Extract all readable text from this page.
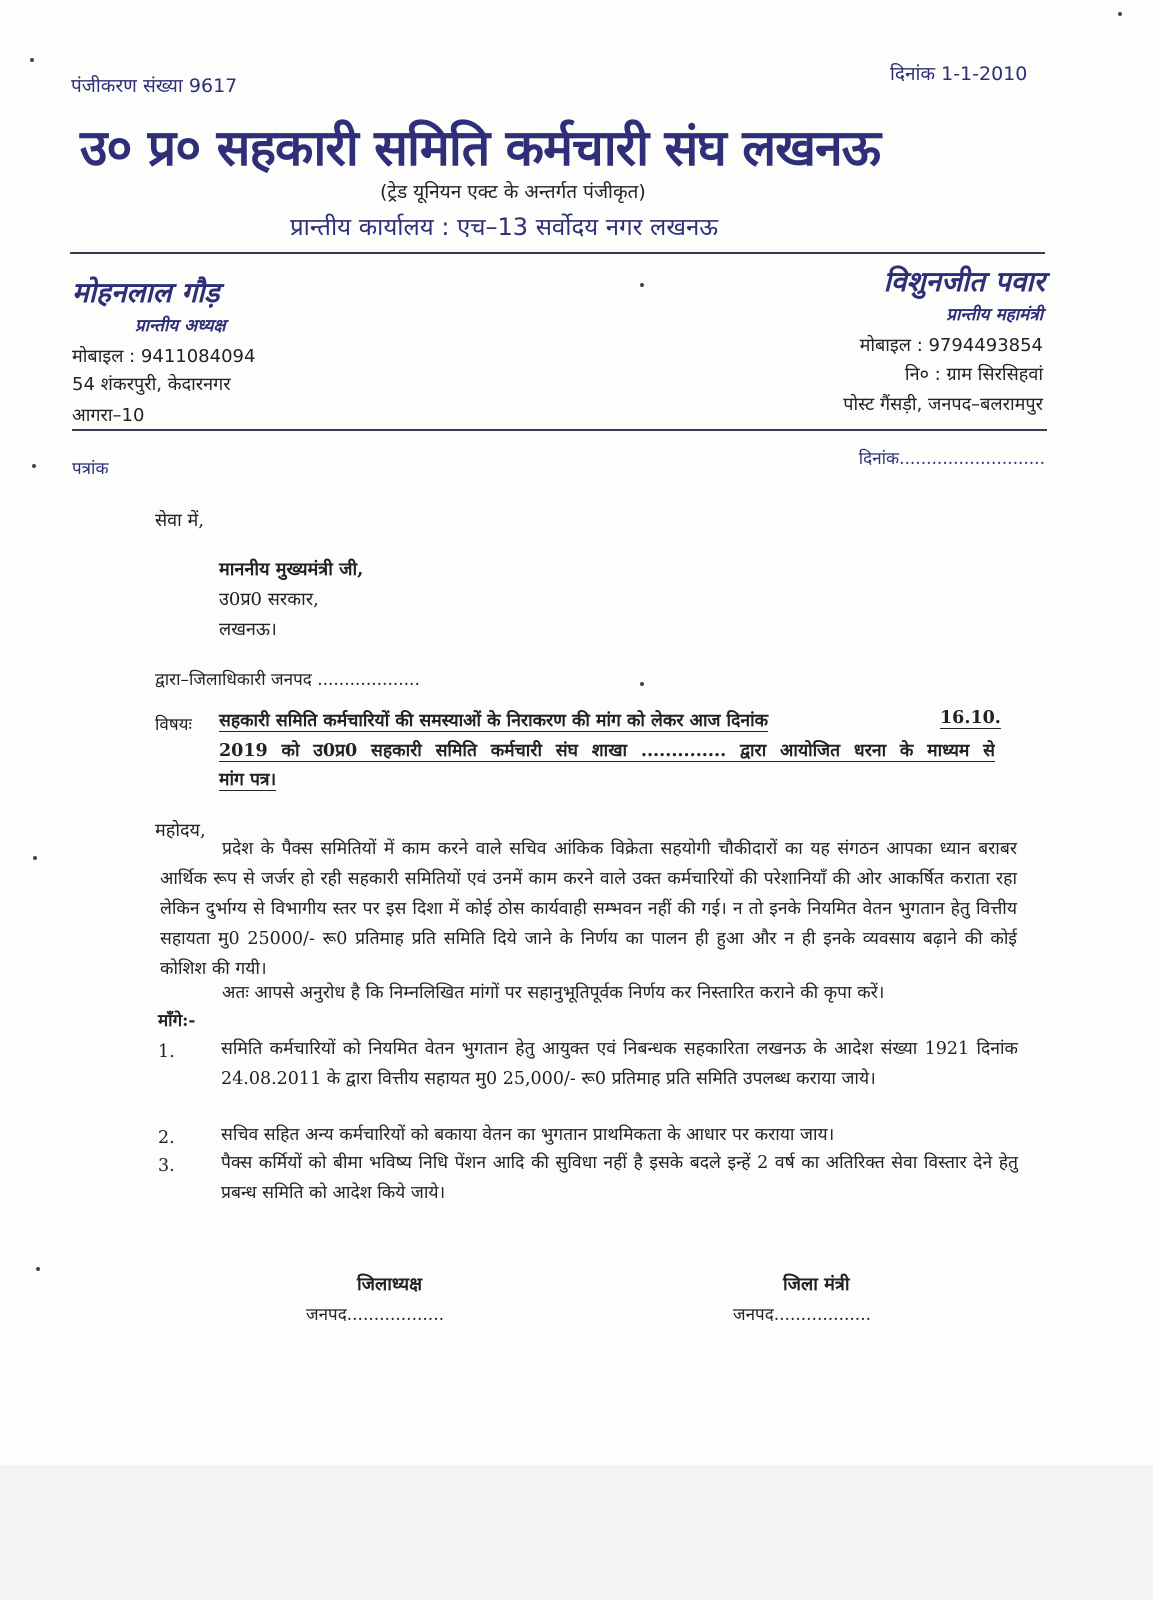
पंजीकरण संख्या 9617
दिनांक 1-1-2010
उ० प्र० सहकारी समिति कर्मचारी संघ लखनऊ
(ट्रेड यूनियन एक्ट के अन्तर्गत पंजीकृत)
प्रान्तीय कार्यालय : एच–13 सर्वोदय नगर लखनऊ
मोहनलाल गौड़
प्रान्तीय अध्यक्ष
मोबाइल : 9411084094
54 शंकरपुरी, केदारनगर
आगरा–10
विशुनजीत पवार
प्रान्तीय महामंत्री
मोबाइल : 9794493854
नि० : ग्राम सिरसिहवां
पोस्ट गैंसड़ी, जनपद–बलरामपुर
पत्रांक	दिनांक...........................
सेवा में,
माननीय मुख्यमंत्री जी,
उ0प्र0 सरकार,
लखनऊ।
द्वारा–जिलाधिकारी जनपद ...................
विषयः सहकारी समिति कर्मचारियों की समस्याओं के निराकरण की मांग को लेकर आज दिनांक	16.10.
2019 को उ0प्र0 सहकारी समिति कर्मचारी संघ शाखा .............. द्वारा आयोजित धरना के माध्यम से
मांग पत्र।
महोदय,
प्रदेश के पैक्स समितियों में काम करने वाले सचिव आंकिक विक्रेता सहयोगी चौकीदारों का यह संगठन आपका ध्यान बराबर आर्थिक रूप से जर्जर हो रही सहकारी समितियों एवं उनमें काम करने वाले उक्त कर्मचारियों की परेशानियाँ की ओर आकर्षित कराता रहा लेकिन दुर्भाग्य से विभागीय स्तर पर इस दिशा में कोई ठोस कार्यवाही सम्भवन नहीं की गई। न तो इनके नियमित वेतन भुगतान हेतु वित्तीय सहायता मु0 25000/- रू0 प्रतिमाह प्रति समिति दिये जाने के निर्णय का पालन ही हुआ और न ही इनके व्यवसाय बढ़ाने की कोई कोशिश की गयी।
अतः आपसे अनुरोध है कि निम्नलिखित मांगों पर सहानुभूतिपूर्वक निर्णय कर निस्तारित कराने की कृपा करें।
माँगे:-
1.	समिति कर्मचारियों को नियमित वेतन भुगतान हेतु आयुक्त एवं निबन्धक सहकारिता लखनऊ के आदेश संख्या 1921 दिनांक 24.08.2011 के द्वारा वित्तीय सहायत मु0 25,000/- रू0 प्रतिमाह प्रति समिति उपलब्ध कराया जाये।
2.	सचिव सहित अन्य कर्मचारियों को बकाया वेतन का भुगतान प्राथमिकता के आधार पर कराया जाय।
3.	पैक्स कर्मियों को बीमा भविष्य निधि पेंशन आदि की सुविधा नहीं है इसके बदले इन्हें 2 वर्ष का अतिरिक्त सेवा विस्तार देने हेतु प्रबन्ध समिति को आदेश किये जाये।
जिलाध्यक्ष
जनपद..................
जिला मंत्री
जनपद..................
